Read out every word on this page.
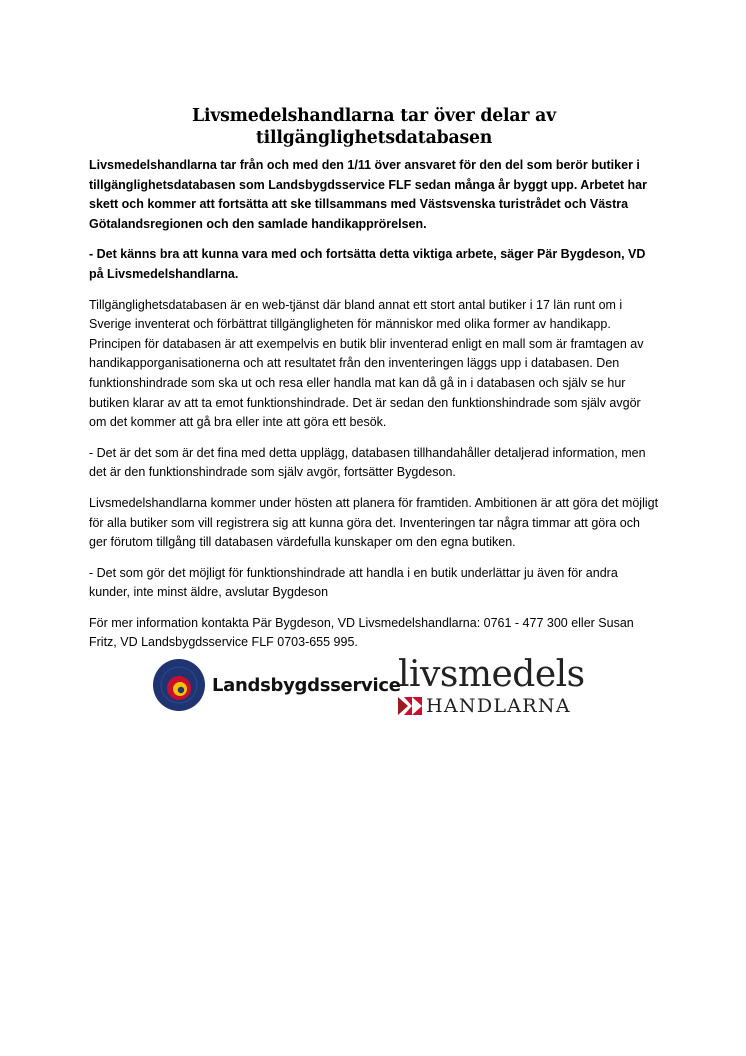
Livsmedelshandlarna tar över delar av tillgänglighetsdatabasen

Livsmedelshandlarna tar från och med den 1/11 över ansvaret för den del som berör butiker i tillgänglighetsdatabasen som Landsbygdsservice FLF sedan många år byggt upp. Arbetet har skett och kommer att fortsätta att ske tillsammans med Västsvenska turistrådet och Västra Götalandsregionen och den samlade handikapprörelsen.

- Det känns bra att kunna vara med och fortsätta detta viktiga arbete, säger Pär Bygdeson, VD på Livsmedelshandlarna.

Tillgänglighetsdatabasen är en web-tjänst där bland annat ett stort antal butiker i 17 län runt om i Sverige inventerat och förbättrat tillgängligheten för människor med olika former av handikapp. Principen för databasen är att exempelvis en butik blir inventerad enligt en mall som är framtagen av handikapporganisationerna och att resultatet från den inventeringen läggs upp i databasen. Den funktionshindrade som ska ut och resa eller handla mat kan då gå in i databasen och själv se hur butiken klarar av att ta emot funktionshindrade. Det är sedan den funktionshindrade som själv avgör om det kommer att gå bra eller inte att göra ett besök.

- Det är det som är det fina med detta upplägg, databasen tillhandahåller detaljerad information, men det är den funktionshindrade som själv avgör, fortsätter Bygdeson.

Livsmedelshandlarna kommer under hösten att planera för framtiden. Ambitionen är att göra det möjligt för alla butiker som vill registrera sig att kunna göra det. Inventeringen tar några timmar att göra och ger förutom tillgång till databasen värdefulla kunskaper om den egna butiken.

- Det som gör det möjligt för funktionshindrade att handla i en butik underlättar ju även för andra kunder, inte minst äldre, avslutar Bygdeson

För mer information kontakta Pär Bygdeson, VD Livsmedelshandlarna: 0761 - 477 300 eller Susan Fritz, VD Landsbygdsservice FLF 0703-655 995.

Landsbygdsservice
livsmedels
HANDLARNA
